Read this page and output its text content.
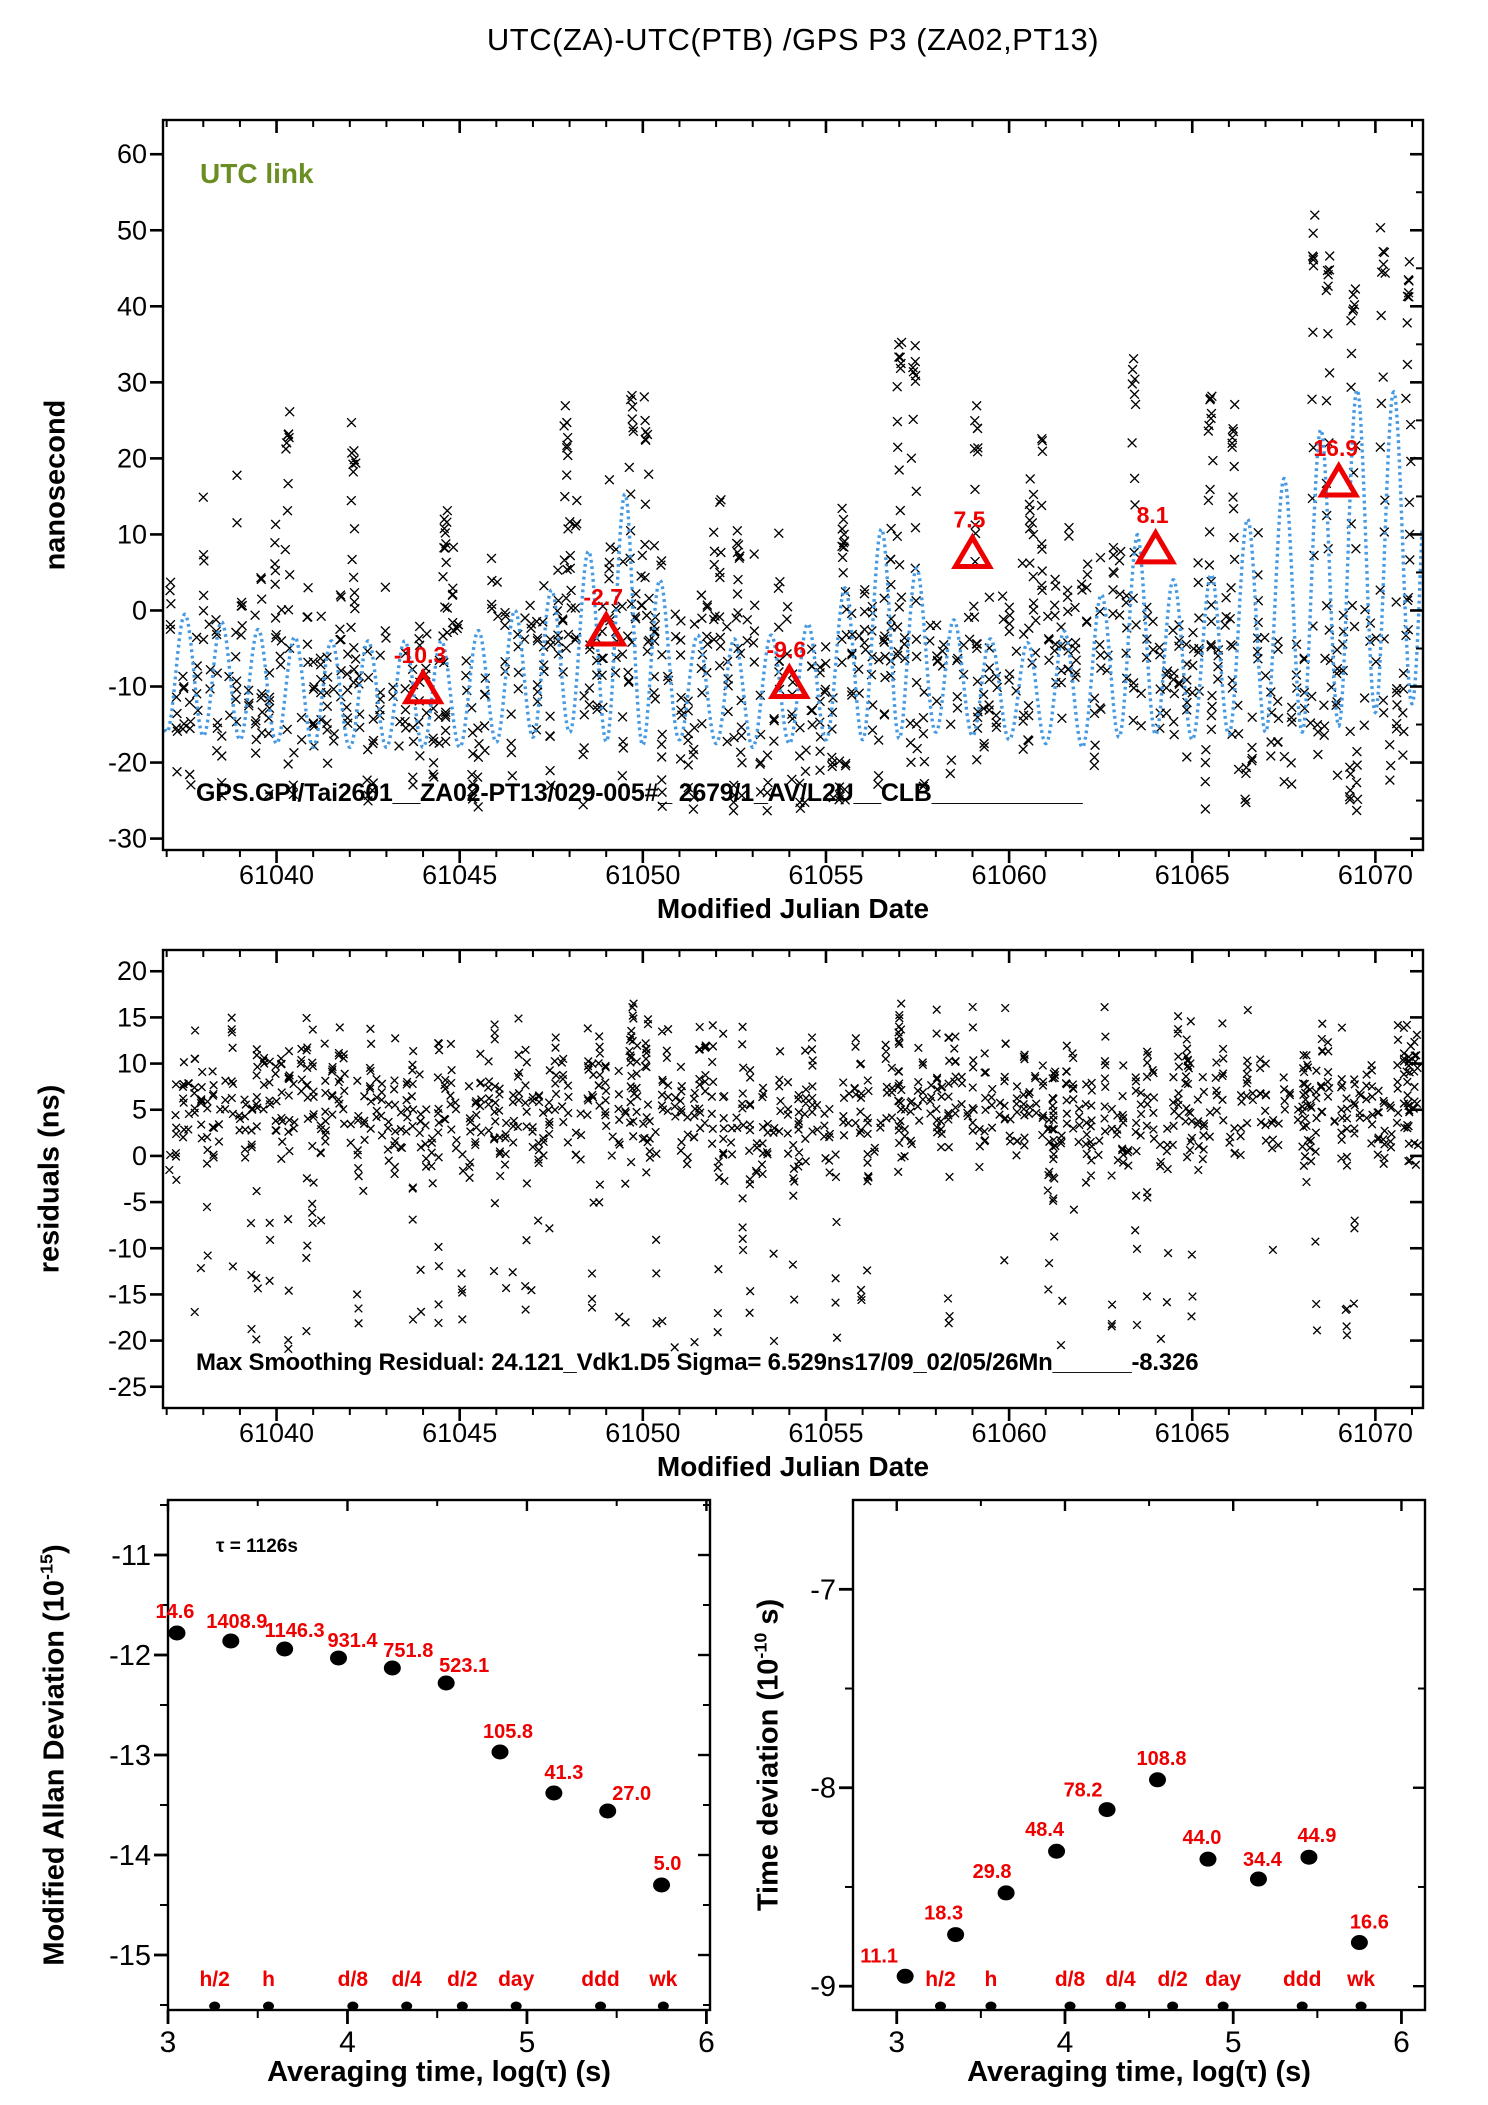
-10.3
-2.7
-9.6
7.5	8.1
16.9
61040	61045	61050	61055	61060	61065	61070
-30
-20
-10
0
10
20
30
40
50
60
61040	61045	61050	61055	61060	61065	61070
-25
-20
-15
-10
-5
0
5
10
15
20
3	4	5	6
-11
-12
-13
-14
-15
h/2 h	d/8 d/4 d/2 day ddd wk
14.6 1408.9
1146.3 931.4 751.8
523.1
105.8
41.3
27.0
5.0
3	4	5	6
-7
-8
-9	h/2 h	d/8 d/4 d/2 day ddd wk
11.1
18.3
29.8
48.4
78.2
108.8
44.0
34.4
44.9
16.6
UTC(ZA)-UTC(PTB) /GPS P3 (ZA02,PT13)
UTC link
nanosecond
GPS.GPI/Tai2601__ZA02-PT13/029-005#_ 2679/1_AV/L2U__CLB___________
Modified Julian Date
residuals (ns)
Max Smoothing Residual: 24.121_Vdk1.D5 Sigma= 6.529ns17/09_02/05/26Mn______-8.326
Modified Julian Date
τ = 1126s
Modified Allan Deviation $(10^{-15})$
Averaging time, log(τ) (s)
Time deviation ($10^{-10}$ s)
Averaging time, log(τ) (s)
